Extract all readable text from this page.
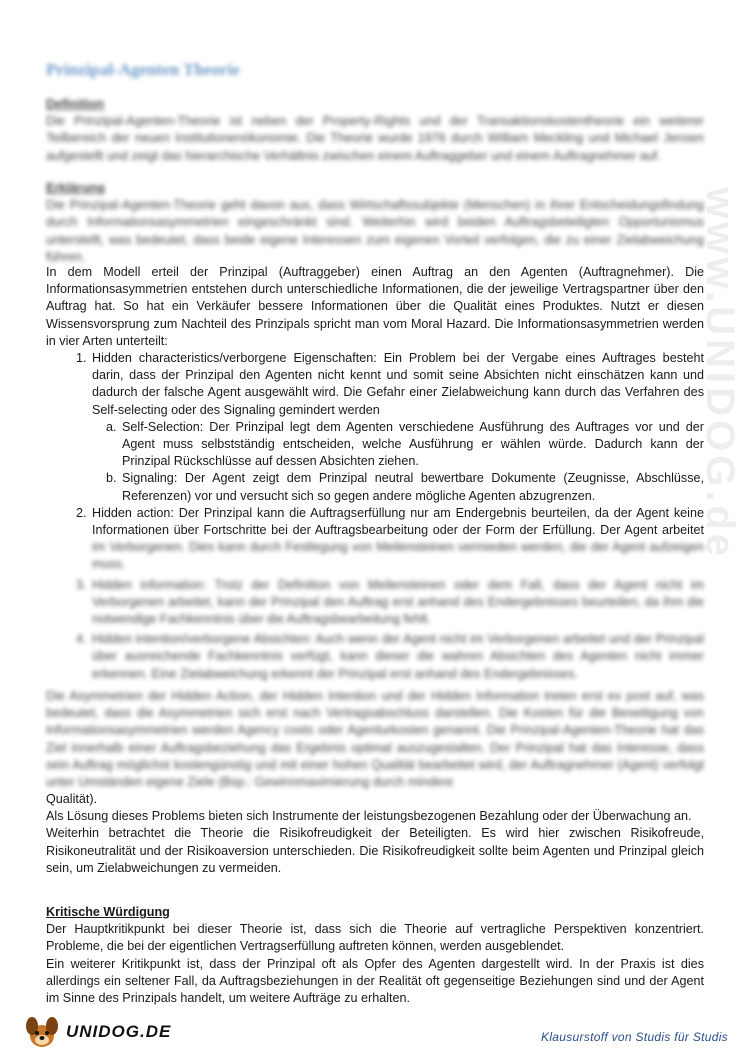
www.UNIDOG.de
Prinzipal-Agenten Theorie

Definition

Die Prinzipal-Agenten-Theorie ist neben der Property-Rights und der Transaktionskostentheorie ein weiterer Teilbereich der neuen Institutionenökonomie. Die Theorie wurde 1976 durch William Meckling und Michael Jensen aufgestellt und zeigt das hierarchische Verhältnis zwischen einem Auftraggeber und einem Auftragnehmer auf.

Erklärung

Die Prinzipal-Agenten-Theorie geht davon aus, dass Wirtschaftssubjekte (Menschen) in ihrer Entscheidungsfindung durch Informationsasymmetrien eingeschränkt sind. Weiterhin wird beiden Auftragsbeteiligten Opportunismus unterstellt, was bedeutet, dass beide eigene Interessen zum eigenen Vorteil verfolgen, die zu einer Zielabweichung führen.

In dem Modell erteil der Prinzipal (Auftraggeber) einen Auftrag an den Agenten (Auftragnehmer). Die Informationsasymmetrien entstehen durch unterschiedliche Informationen, die der jeweilige Vertragspartner über den Auftrag hat. So hat ein Verkäufer bessere Informationen über die Qualität eines Produktes. Nutzt er diesen Wissensvorsprung zum Nachteil des Prinzipals spricht man vom Moral Hazard. Die Informationsasymmetrien werden in vier Arten unterteilt:

1. Hidden characteristics/verborgene Eigenschaften: Ein Problem bei der Vergabe eines Auftrages besteht darin, dass der Prinzipal den Agenten nicht kennt und somit seine Absichten nicht einschätzen kann und dadurch der falsche Agent ausgewählt wird. Die Gefahr einer Zielabweichung kann durch das Verfahren des Self-selecting oder des Signaling gemindert werden
a. Self-Selection: Der Prinzipal legt dem Agenten verschiedene Ausführung des Auftrages vor und der Agent muss selbstständig entscheiden, welche Ausführung er wählen würde. Dadurch kann der Prinzipal Rückschlüsse auf dessen Absichten ziehen.
b. Signaling: Der Agent zeigt dem Prinzipal neutral bewertbare Dokumente (Zeugnisse, Abschlüsse, Referenzen) vor und versucht sich so gegen andere mögliche Agenten abzugrenzen.
2. Hidden action: Der Prinzipal kann die Auftragserfüllung nur am Endergebnis beurteilen, da der Agent keine Informationen über Fortschritte bei der Auftragsbearbeitung oder der Form der Erfüllung. Der Agent arbeitet im Verborgenen. Dies kann durch Festlegung von Meilensteinen vermieden werden, die der Agent aufzeigen muss.
3. Hidden information: Trotz der Definition von Meilensteinen oder dem Fall, dass der Agent nicht im Verborgenen arbeitet, kann der Prinzipal den Auftrag erst anhand des Endergebnisses beurteilen, da ihm die notwendige Fachkenntnis über die Auftragsbearbeitung fehlt.
4. Hidden intention/verborgene Absichten: Auch wenn der Agent nicht im Verborgenen arbeitet und der Prinzipal über ausreichende Fachkenntnis verfügt, kann dieser die wahren Absichten des Agenten nicht immer erkennen. Eine Zielabweichung erkennt der Prinzipal erst anhand des Endergebnisses.

Die Asymmetrien der Hidden Action, der Hidden Intention und der Hidden Information treten erst ex post auf, was bedeutet, dass die Asymmetrien sich erst nach Vertragsabschluss darstellen. Die Kosten für die Beseitigung von Informationsasymmetrien werden Agency costs oder Agenturkosten genannt. Die Prinzipal-Agenten-Theorie hat das Ziel innerhalb einer Auftragsbeziehung das Ergebnis optimal auszugestalten. Der Prinzipal hat das Interesse, dass sein Auftrag möglichst kostengünstig und mit einer hohen Qualität bearbeitet wird, der Auftragnehmer (Agent) verfolgt unter Umständen eigene Ziele (Bsp.: Gewinnmaximierung durch mindere

Qualität).

Als Lösung dieses Problems bieten sich Instrumente der leistungsbezogenen Bezahlung oder der Überwachung an.

Weiterhin betrachtet die Theorie die Risikofreudigkeit der Beteiligten. Es wird hier zwischen Risikofreude, Risikoneutralität und der Risikoaversion unterschieden. Die Risikofreudigkeit sollte beim Agenten und Prinzipal gleich sein, um Zielabweichungen zu vermeiden.

Kritische Würdigung

Der Hauptkritikpunkt bei dieser Theorie ist, dass sich die Theorie auf vertragliche Perspektiven konzentriert. Probleme, die bei der eigentlichen Vertragserfüllung auftreten können, werden ausgeblendet.

Ein weiterer Kritikpunkt ist, dass der Prinzipal oft als Opfer des Agenten dargestellt wird. In der Praxis ist dies allerdings ein seltener Fall, da Auftragsbeziehungen in der Realität oft gegenseitige Beziehungen sind und der Agent im Sinne des Prinzipals handelt, um weitere Aufträge zu erhalten.

UNIDOG.DE	Klausurstoff von Studis für Studis
